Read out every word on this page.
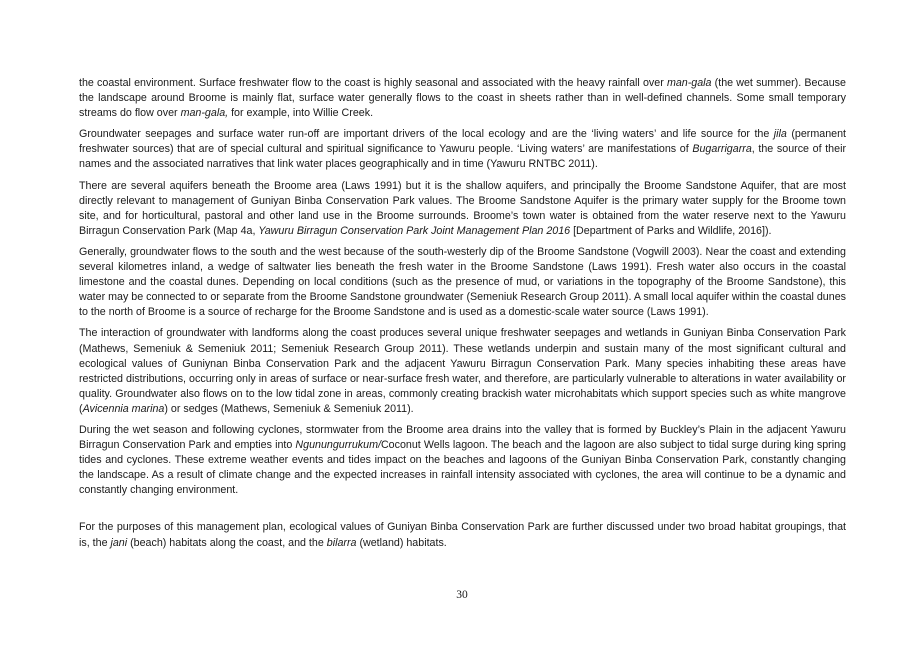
the coastal environment. Surface freshwater flow to the coast is highly seasonal and associated with the heavy rainfall over man-gala (the wet summer). Because the landscape around Broome is mainly flat, surface water generally flows to the coast in sheets rather than in well-defined channels. Some small temporary streams do flow over man-gala, for example, into Willie Creek.

Groundwater seepages and surface water run-off are important drivers of the local ecology and are the ‘living waters’ and life source for the jila (permanent freshwater sources) that are of special cultural and spiritual significance to Yawuru people. ‘Living waters’ are manifestations of Bugarrigarra, the source of their names and the associated narratives that link water places geographically and in time (Yawuru RNTBC 2011).

There are several aquifers beneath the Broome area (Laws 1991) but it is the shallow aquifers, and principally the Broome Sandstone Aquifer, that are most directly relevant to management of Guniyan Binba Conservation Park values. The Broome Sandstone Aquifer is the primary water supply for the Broome town site, and for horticultural, pastoral and other land use in the Broome surrounds. Broome’s town water is obtained from the water reserve next to the Yawuru Birragun Conservation Park (Map 4a, Yawuru Birragun Conservation Park Joint Management Plan 2016 [Department of Parks and Wildlife, 2016]).

Generally, groundwater flows to the south and the west because of the south-westerly dip of the Broome Sandstone (Vogwill 2003). Near the coast and extending several kilometres inland, a wedge of saltwater lies beneath the fresh water in the Broome Sandstone (Laws 1991). Fresh water also occurs in the coastal limestone and the coastal dunes. Depending on local conditions (such as the presence of mud, or variations in the topography of the Broome Sandstone), this water may be connected to or separate from the Broome Sandstone groundwater (Semeniuk Research Group 2011). A small local aquifer within the coastal dunes to the north of Broome is a source of recharge for the Broome Sandstone and is used as a domestic-scale water source (Laws 1991).

The interaction of groundwater with landforms along the coast produces several unique freshwater seepages and wetlands in Guniyan Binba Conservation Park (Mathews, Semeniuk & Semeniuk 2011; Semeniuk Research Group 2011). These wetlands underpin and sustain many of the most significant cultural and ecological values of Guniynan Binba Conservation Park and the adjacent Yawuru Birragun Conservation Park. Many species inhabiting these areas have restricted distributions, occurring only in areas of surface or near-surface fresh water, and therefore, are particularly vulnerable to alterations in water availability or quality. Groundwater also flows on to the low tidal zone in areas, commonly creating brackish water microhabitats which support species such as white mangrove (Avicennia marina) or sedges (Mathews, Semeniuk & Semeniuk 2011).

During the wet season and following cyclones, stormwater from the Broome area drains into the valley that is formed by Buckley’s Plain in the adjacent Yawuru Birragun Conservation Park and empties into Ngunungurrukum/Coconut Wells lagoon. The beach and the lagoon are also subject to tidal surge during king spring tides and cyclones. These extreme weather events and tides impact on the beaches and lagoons of the Guniyan Binba Conservation Park, constantly changing the landscape. As a result of climate change and the expected increases in rainfall intensity associated with cyclones, the area will continue to be a dynamic and constantly changing environment.

For the purposes of this management plan, ecological values of Guniyan Binba Conservation Park are further discussed under two broad habitat groupings, that is, the jani (beach) habitats along the coast, and the bilarra (wetland) habitats.

30
